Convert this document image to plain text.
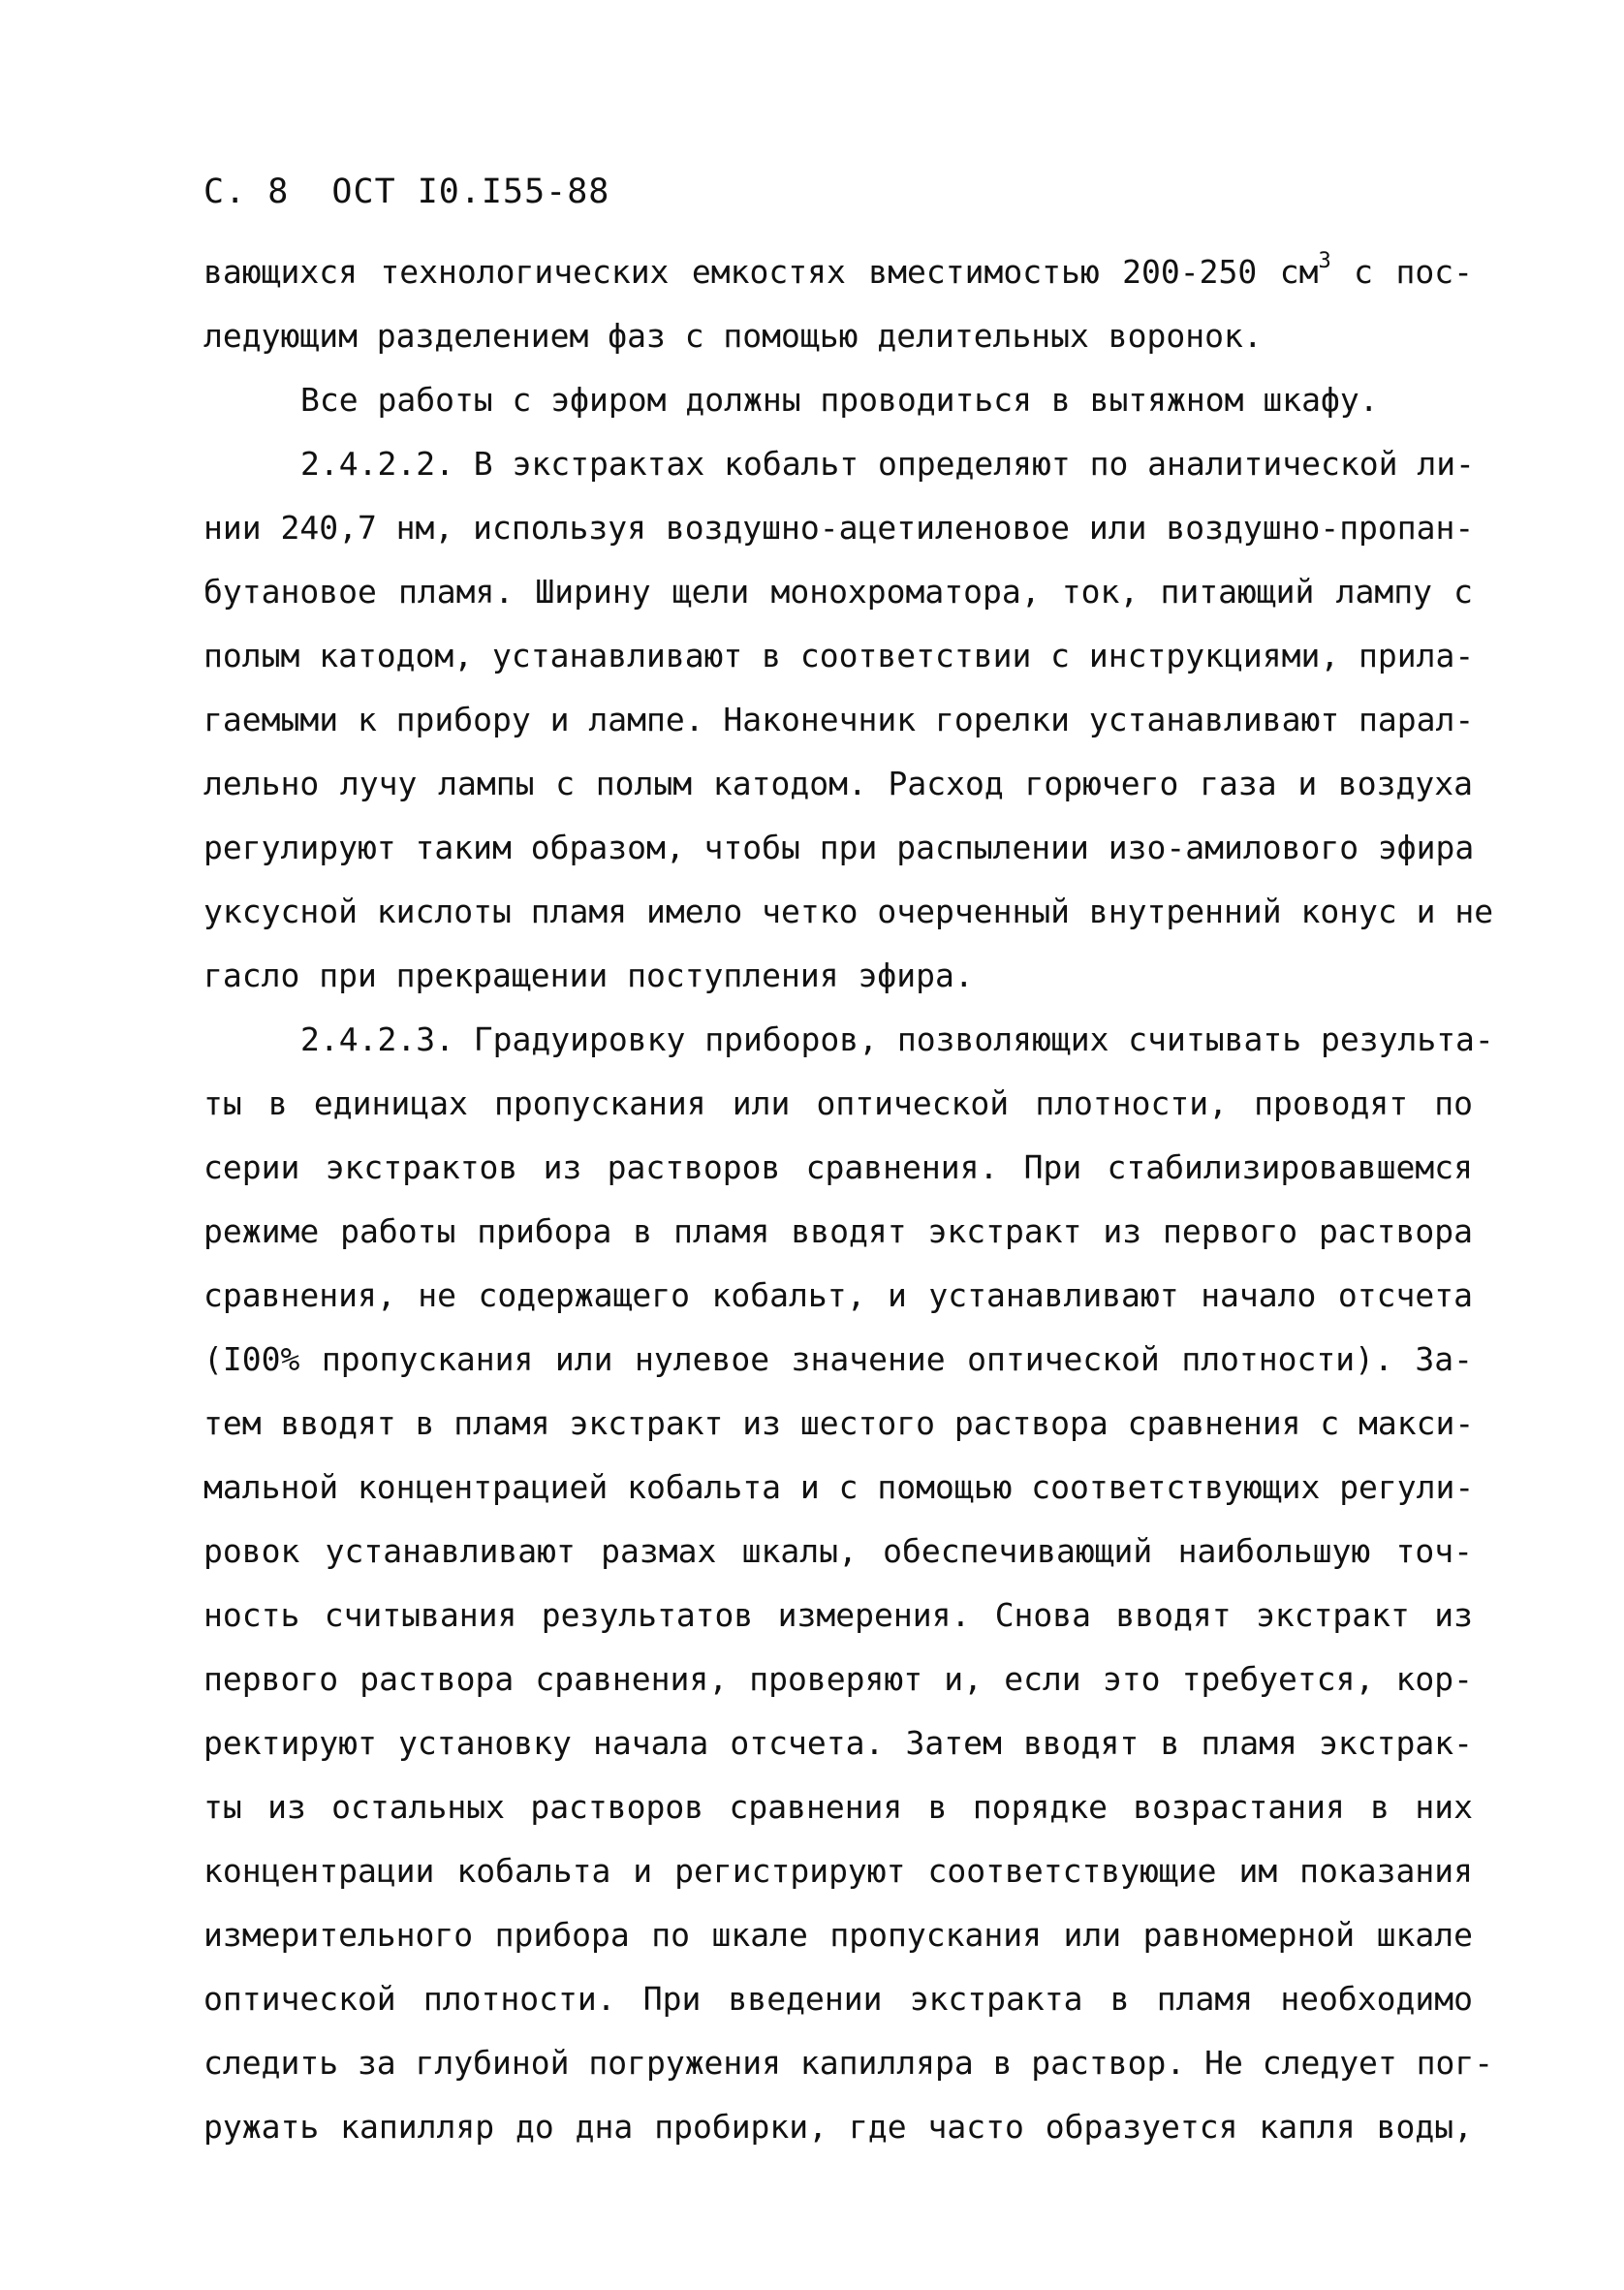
С. 8  ОСТ I0.I55-88
вающихся технологических емкостях вместимостью 200-250 $см^3$ с пос-
ледующим разделением фаз с помощью делительных воронок.
Все работы с эфиром должны проводиться в вытяжном шкафу.
2.4.2.2. В экстрактах кобальт определяют по аналитической ли-
нии 240,7 нм, используя воздушно-ацетиленовое или воздушно-пропан-
бутановое пламя. Ширину щели монохроматора, ток, питающий лампу с
полым катодом, устанавливают в соответствии с инструкциями, прила-
гаемыми к прибору и лампе. Наконечник горелки устанавливают парал-
лельно лучу лампы с полым катодом. Расход горючего газа и воздуха
регулируют таким образом, чтобы при распылении изо-амилового эфира
уксусной кислоты пламя имело четко очерченный внутренний конус и не
гасло при прекращении поступления эфира.
2.4.2.3. Градуировку приборов, позволяющих считывать результа-
ты в единицах пропускания или оптической плотности, проводят по
серии экстрактов из растворов сравнения. При стабилизировавшемся
режиме работы прибора в пламя вводят экстракт из первого раствора
сравнения, не содержащего кобальт, и устанавливают начало отсчета
(I00% пропускания или нулевое значение оптической плотности). За-
тем вводят в пламя экстракт из шестого раствора сравнения с макси-
мальной концентрацией кобальта и с помощью соответствующих регули-
ровок устанавливают размах шкалы, обеспечивающий наибольшую точ-
ность считывания результатов измерения. Снова вводят экстракт из
первого раствора сравнения, проверяют и, если это требуется, кор-
ректируют установку начала отсчета. Затем вводят в пламя экстрак-
ты из остальных растворов сравнения в порядке возрастания в них
концентрации кобальта и регистрируют соответствующие им показания
измерительного прибора по шкале пропускания или равномерной шкале
оптической плотности. При введении экстракта в пламя необходимо
следить за глубиной погружения капилляра в раствор. Не следует пог-
ружать капилляр до дна пробирки, где часто образуется капля воды,
